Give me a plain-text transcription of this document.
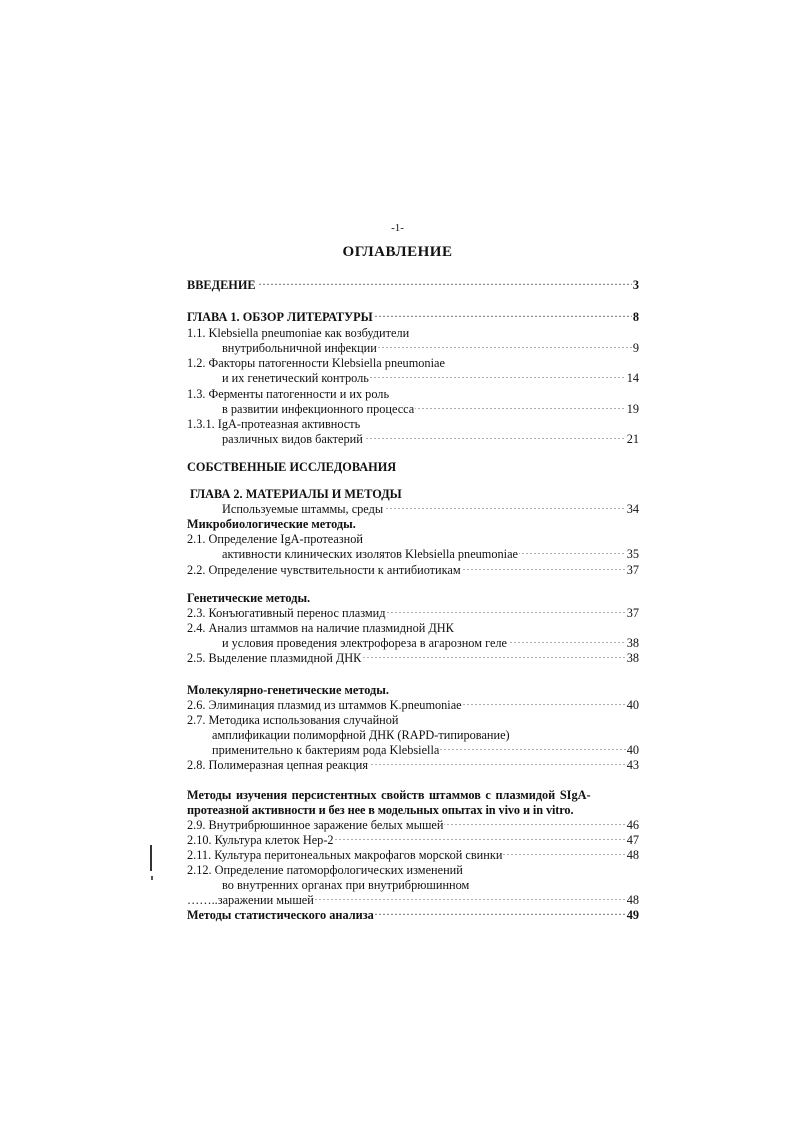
-1-
ОГЛАВЛЕНИЕ
. . . ВВЕДЕНИЕ	3
. . . ГЛАВА 1. ОБЗОР ЛИТЕРАТУРЫ	8
1.1. Klebsiella pneumoniae как возбудители
. . . внутрибольничной инфекции	9
1.2. Факторы патогенности Klebsiella pneumoniae
. . . и их генетический контроль	14
1.3. Ферменты патогенности и их роль
. . . в развитии инфекционного процесса	19
1.3.1. IgA-протеазная активность
. . . различных видов бактерий	21
СОБСТВЕННЫЕ ИССЛЕДОВАНИЯ
ГЛАВА 2. МАТЕРИАЛЫ И МЕТОДЫ
. . . Используемые штаммы, среды	34
Микробиологические методы.
2.1. Определение IgA-протеазной
. . . активности клинических изолятов Klebsiella pneumoniae	35
. . . 2.2. Определение чувствительности к антибиотикам	37
Генетические методы.
. . . 2.3. Конъюгативный перенос плазмид	37
2.4. Анализ штаммов на наличие плазмидной ДНК
. . . и условия проведения электрофореза в агарозном геле	38
. . . 2.5. Выделение плазмидной ДНК	38
Молекулярно-генетические методы.
. . . 2.6. Элиминация плазмид из штаммов K.pneumoniae	40
2.7. Методика использования случайной
амплификации полиморфной ДНК (RAPD-типирование)
. . . применительно к бактериям рода Klebsiella	40
. . . 2.8. Полимеразная цепная реакция	43
Методы изучения персистентных свойств штаммов с плазмидой SIgA-
протеазной активности и без нее в модельных опытах in vivo и in vitro.
. . . 2.9. Внутрибрюшинное заражение белых мышей	46
. . . 2.10. Культура клеток Hep-2	47
. . . 2.11. Культура перитонеальных макрофагов морской свинки	48
2.12. Определение патоморфологических изменений
во внутренних органах при внутрибрюшинном
. . . ……..заражении мышей	48
. . . Методы статистического анализа	49
